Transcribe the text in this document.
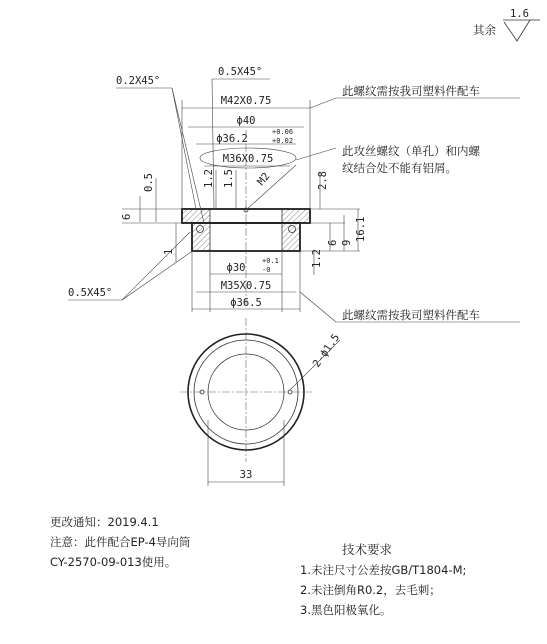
其余
1.6
M42X0.75
ϕ40
ϕ36.2
+0.06
+0.02
M36X0.75
M2
0.2X45°
0.5X45°
0.5X45°
0.5
6
1
1.2 1.5	2.8
6 9
16.1
1.2
ϕ30
+0.1
-0
M35X0.75
ϕ36.5
此螺纹需按我司塑料件配车
此攻丝螺纹（单孔）和内螺
纹结合处不能有铝屑。
此螺纹需按我司塑料件配车
2-ϕ1.5
33
更改通知：2019.4.1
注意：此件配合EP-4导向筒
CY-2570-09-013使用。
技术要求
1.未注尺寸公差按GB/T1804-M;
2.未注倒角R0.2，去毛刺；
3.黑色阳极氧化。
